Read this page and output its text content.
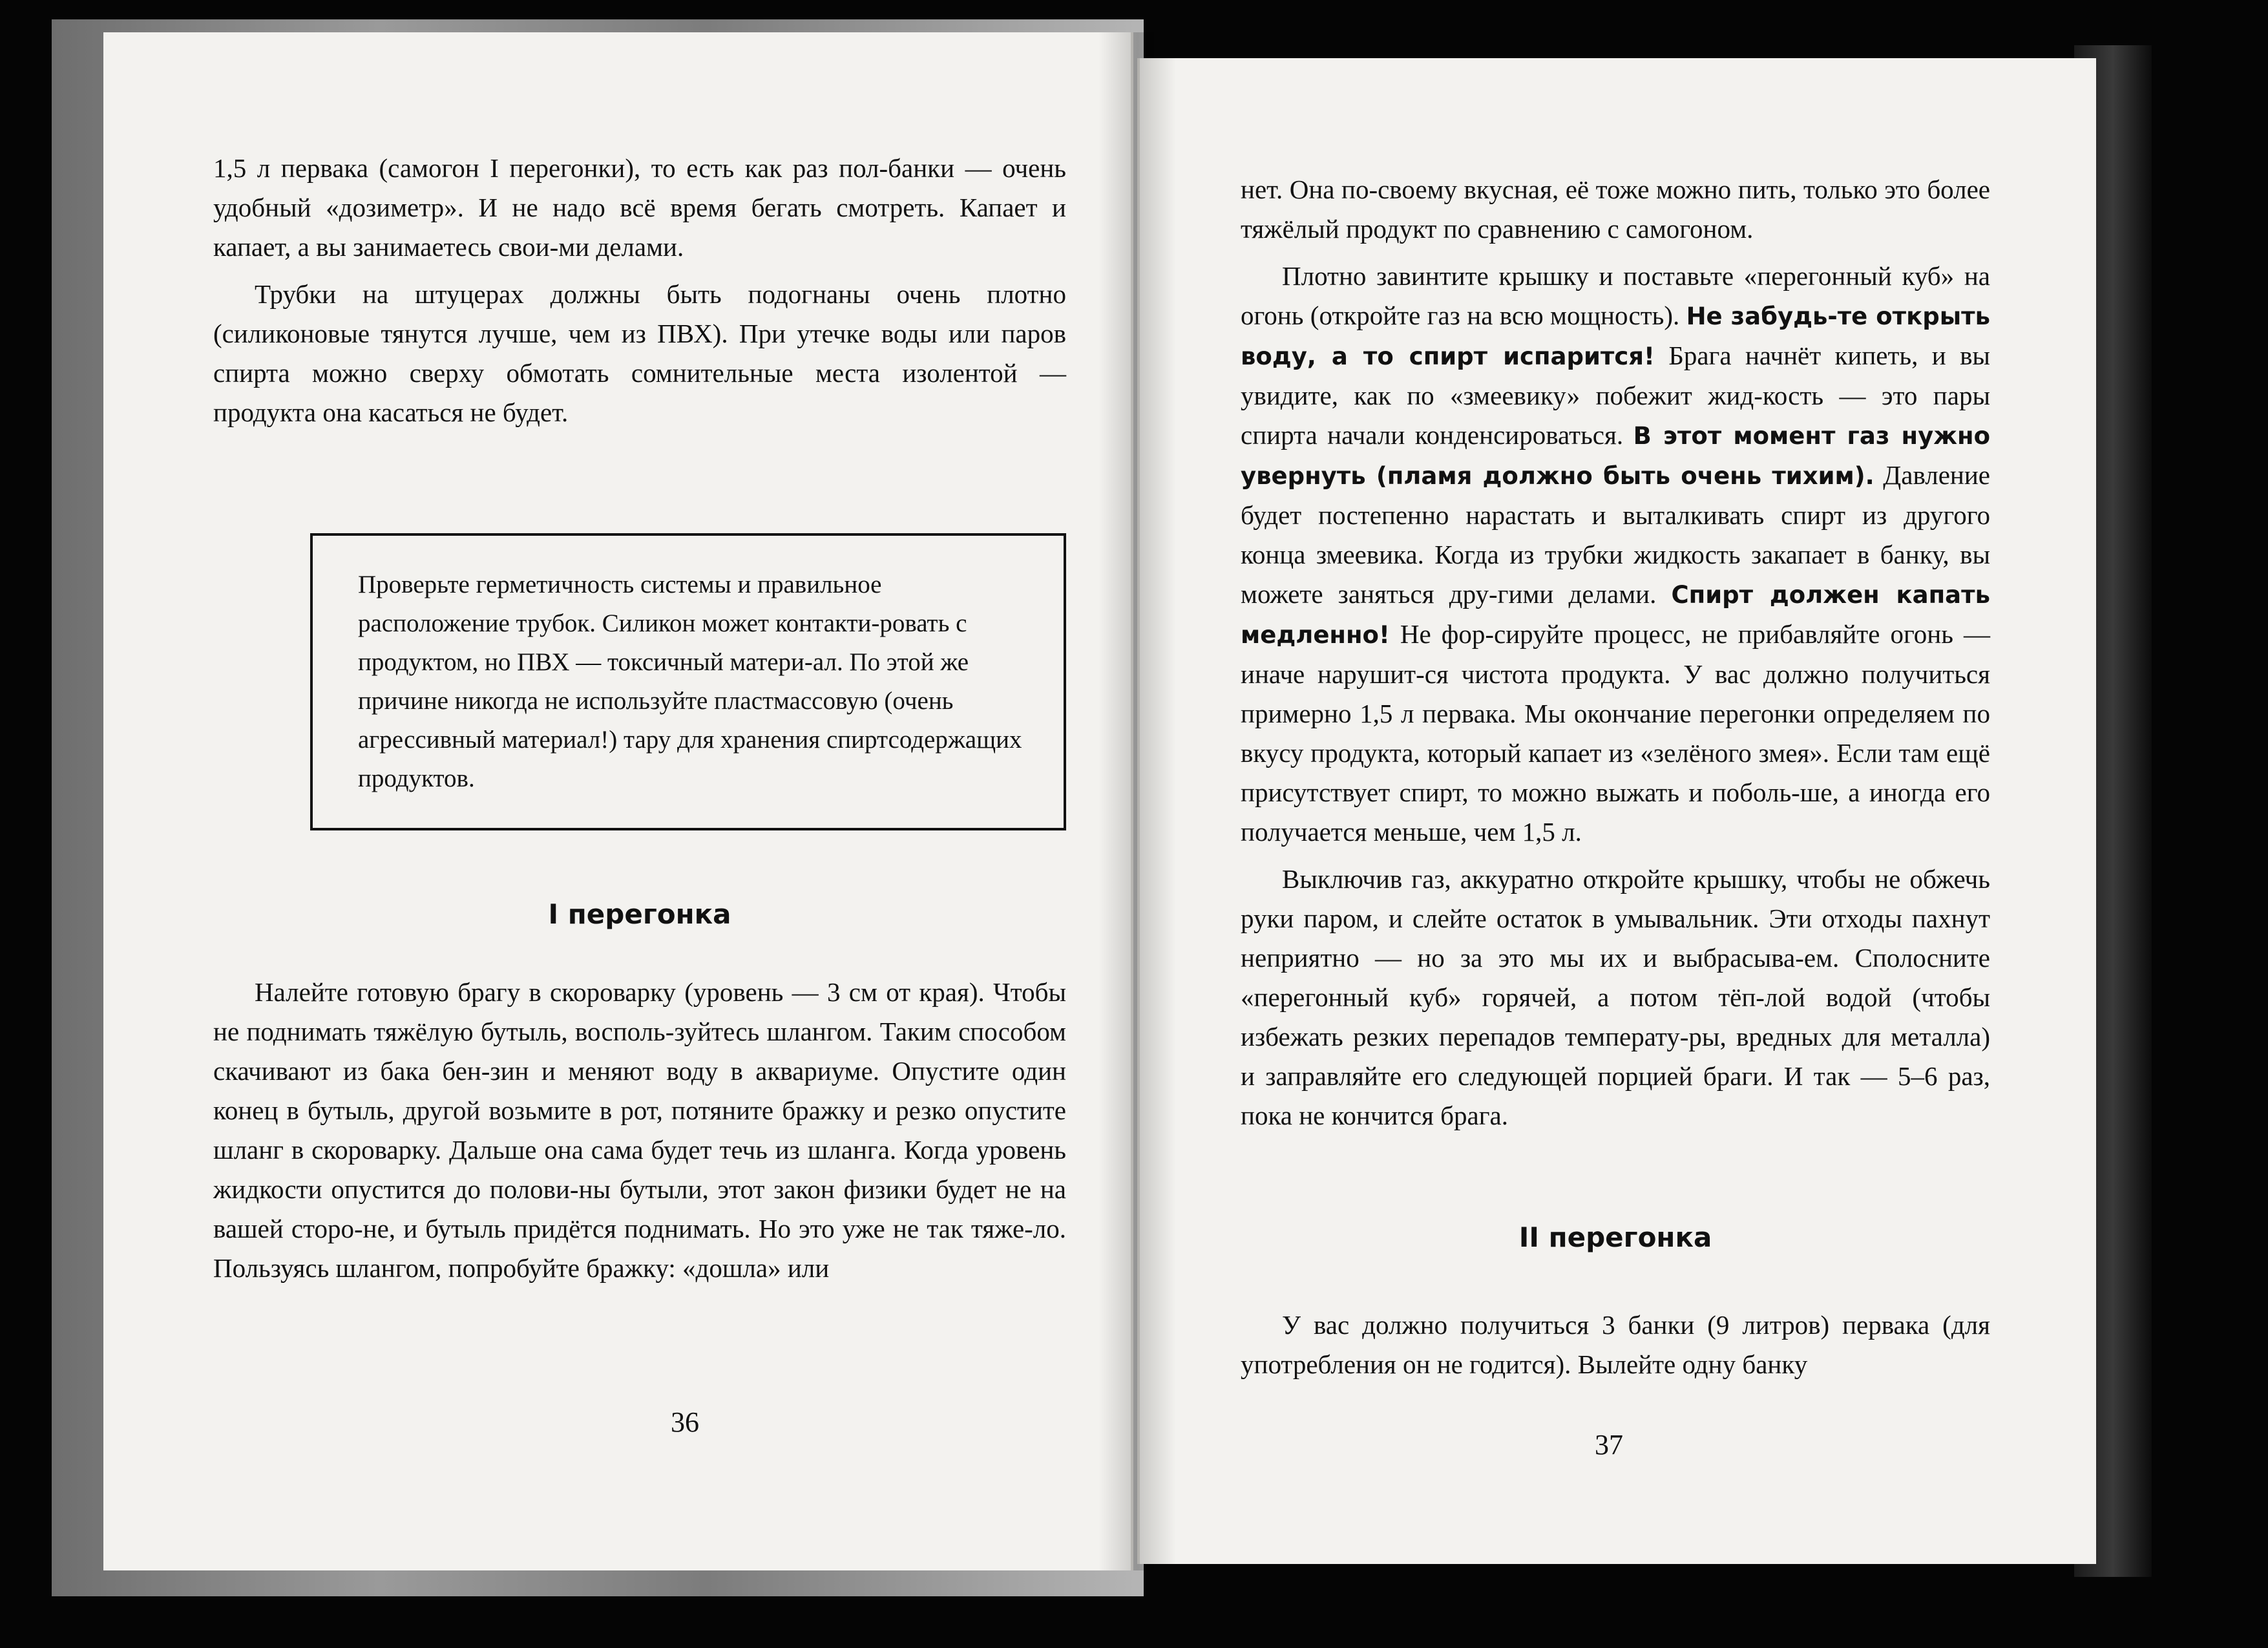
1,5 л первака (самогон I перегонки), то есть как раз пол-банки — очень удобный «дозиметр». И не надо всё время бегать смотреть. Капает и капает, а вы занимаетесь свои-ми делами.

Трубки на штуцерах должны быть подогнаны очень плотно (силиконовые тянутся лучше, чем из ПВХ). При утечке воды или паров спирта можно сверху обмотать сомнительные места изолентой — продукта она касаться не будет.

Проверьте герметичность системы и правильное расположение трубок. Силикон может контакти-ровать с продуктом, но ПВХ — токсичный матери-ал. По этой же причине никогда не используйте пластмассовую (очень агрессивный материал!) тару для хранения спиртсодержащих продуктов.
I перегонка

Налейте готовую брагу в скороварку (уровень — 3 см от края). Чтобы не поднимать тяжёлую бутыль, восполь-зуйтесь шлангом. Таким способом скачивают из бака бен-зин и меняют воду в аквариуме. Опустите один конец в бутыль, другой возьмите в рот, потяните бражку и резко опустите шланг в скороварку. Дальше она сама будет течь из шланга. Когда уровень жидкости опустится до полови-ны бутыли, этот закон физики будет не на вашей сторо-не, и бутыль придётся поднимать. Но это уже не так тяже-ло. Пользуясь шлангом, попробуйте бражку: «дошла» или

36

нет. Она по-своему вкусная, её тоже можно пить, только это более тяжёлый продукт по сравнению с самогоном.

Плотно завинтите крышку и поставьте «перегонный куб» на огонь (откройте газ на всю мощность). Не забудь-те открыть воду, а то спирт испарится! Брага начнёт кипеть, и вы увидите, как по «змеевику» побежит жид-кость — это пары спирта начали конденсироваться. В этот момент газ нужно увернуть (пламя должно быть очень тихим). Давление будет постепенно нарастать и выталкивать спирт из другого конца змеевика. Когда из трубки жидкость закапает в банку, вы можете заняться дру-гими делами. Спирт должен капать медленно! Не фор-сируйте процесс, не прибавляйте огонь — иначе нарушит-ся чистота продукта. У вас должно получиться примерно 1,5 л первака. Мы окончание перегонки определяем по вкусу продукта, который капает из «зелёного змея». Если там ещё присутствует спирт, то можно выжать и поболь-ше, а иногда его получается меньше, чем 1,5 л.

Выключив газ, аккуратно откройте крышку, чтобы не обжечь руки паром, и слейте остаток в умывальник. Эти отходы пахнут неприятно — но за это мы их и выбрасыва-ем. Сполосните «перегонный куб» горячей, а потом тёп-лой водой (чтобы избежать резких перепадов температу-ры, вредных для металла) и заправляйте его следующей порцией браги. И так — 5–6 раз, пока не кончится брага.

II перегонка

У вас должно получиться 3 банки (9 литров) первака (для употребления он не годится). Вылейте одну банку

37
